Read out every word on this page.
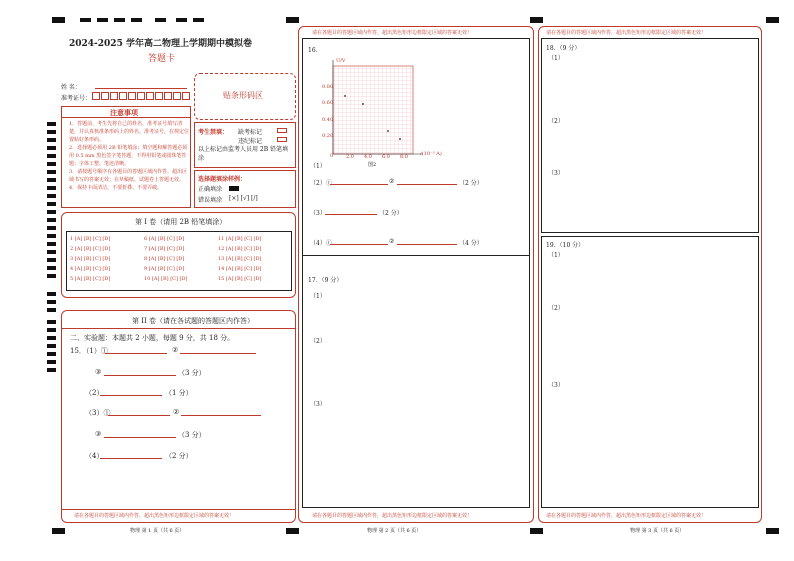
2024-2025 学年高二物理上学期期中模拟卷
答题卡
姓 名：
准考证号：	贴条形码区
注意事项
1．答题前，考生先将自己的姓名，准考证号填写清楚，并认真核准条形码上的姓名、准考证号，在规定位置贴好条形码。
2．选择题必须用 2B 铅笔填涂；填空题和解答题必须用 0.5 mm 黑色签字笔答题，不得用铅笔或圆珠笔答题；字体工整、笔迹清晰。
3．请按题号顺序在各题目的答题区域内作答，超出区域书写的答案无效；在草稿纸、试题卷上答题无效。
4．保持卡面清洁，不要折叠、不要弄破。
考生禁填： 缺考标记
违纪标记
以上标记由监考人员用 2B 铅笔填涂
选择题填涂样例：
正确填涂
错误填涂 [×] [√] [/]
第 I 卷（请用 2B 铅笔填涂）
1 [A] [B] [C] [D]	6 [A] [B] [C] [D]	11 [A] [B] [C] [D]
2 [A] [B] [C] [D]	7 [A] [B] [C] [D]	12 [A] [B] [C] [D]
3 [A] [B] [C] [D]	8 [A] [B] [C] [D]	13 [A] [B] [C] [D]
4 [A] [B] [C] [D]	9 [A] [B] [C] [D]	14 [A] [B] [C] [D]
5 [A] [B] [C] [D]	10 [A] [B] [C] [D]	15 [A] [B] [C] [D]
第 II 卷（请在各试题的答题区内作答）
二、实验题：本题共 2 小题，每题 9 分，共 18 分。
15．（1）①	②
③	（3 分）
（2）	（1 分）
（3）①	②
③	（3 分）
（4）	（2 分）
请在各题目的答题区域内作答，超出黑色矩形边框限定区域的答案无效！
物理 第 1 页（共 6 页）
请在各题目的答题区域内作答，超出黑色矩形边框限定区域的答案无效！
16．
U/V
0.80
0.60
0.40
0.20
0	2.0 4.0 6.0 8.0 /(10⁻³ A)
图2
（1）
（2）①	②	（2 分）
（3）	（2 分）
（4）①	②	（4 分）
17．（9 分）
（1）
（2）
（3）
请在各题目的答题区域内作答，超出黑色矩形边框限定区域的答案无效！
物理 第 2 页（共 6 页）
请在各题目的答题区域内作答，超出黑色矩形边框限定区域的答案无效！
18．（9 分）
（1）
（2）
（3）
19．（10 分）
（1）
（2）
（3）
请在各题目的答题区域内作答，超出黑色矩形边框限定区域的答案无效！
物理 第 3 页（共 6 页）
